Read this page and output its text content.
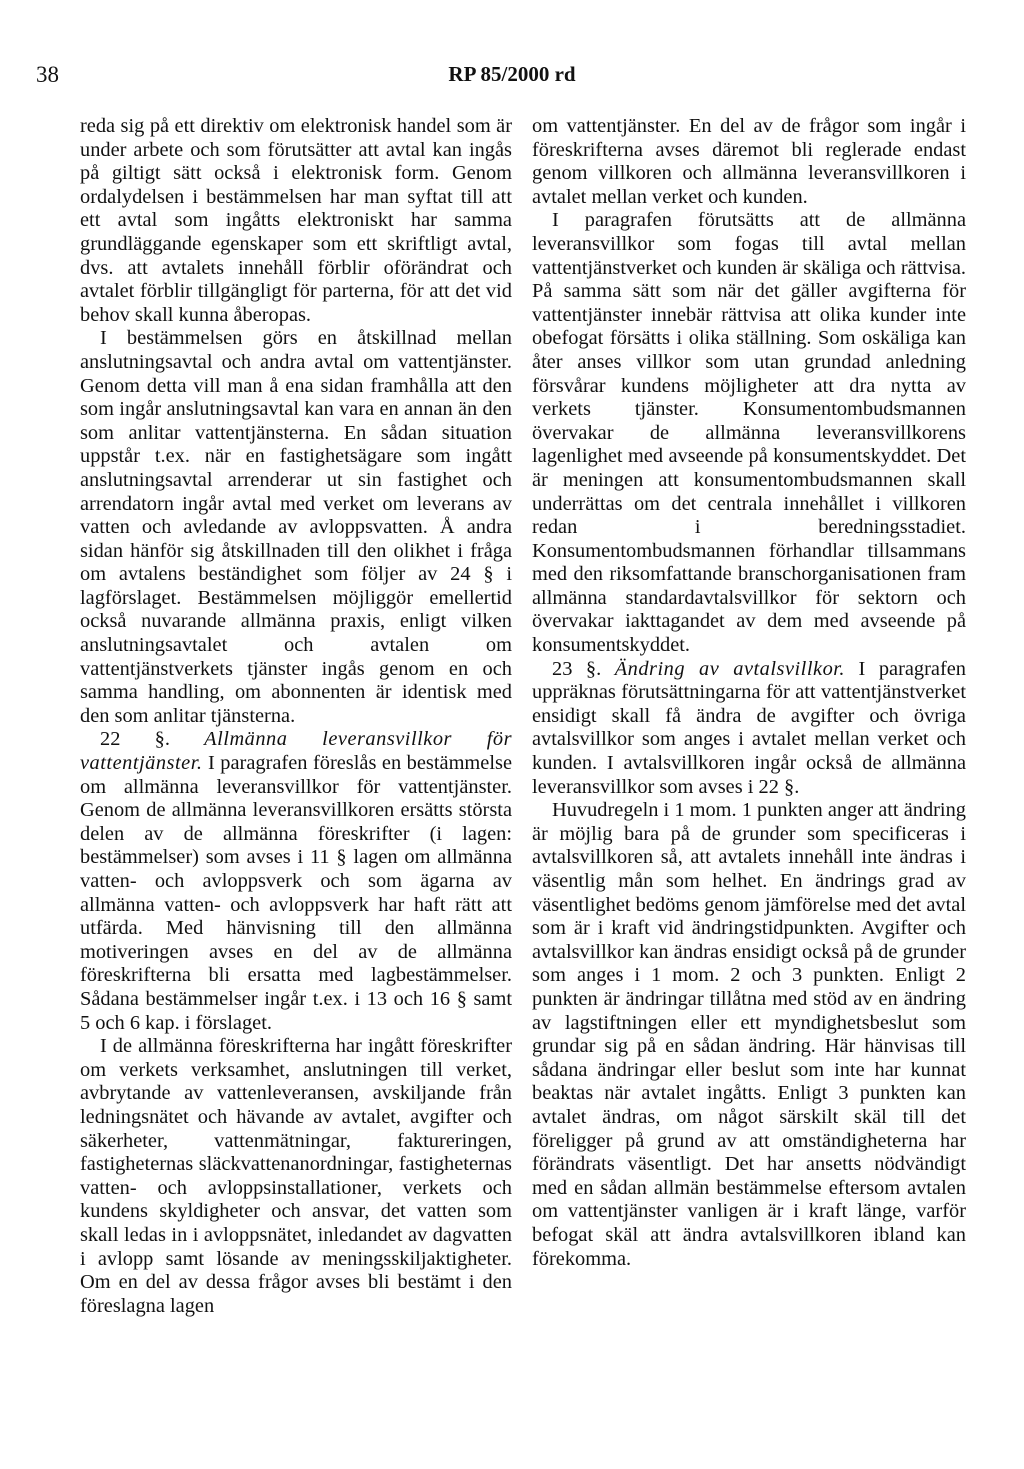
38	RP 85/2000 rd

reda sig på ett direktiv om elektronisk handel som är under arbete och som förutsätter att avtal kan ingås på giltigt sätt också i elektronisk form. Genom ordalydelsen i bestämmelsen har man syftat till att ett avtal som ingåtts elektroniskt har samma grundläggande egenskaper som ett skriftligt avtal, dvs. att avtalets innehåll förblir oförändrat och avtalet förblir tillgängligt för parterna, för att det vid behov skall kunna åberopas.

I bestämmelsen görs en åtskillnad mellan anslutningsavtal och andra avtal om vattentjänster. Genom detta vill man å ena sidan framhålla att den som ingår anslutningsavtal kan vara en annan än den som anlitar vattentjänsterna. En sådan situation uppstår t.ex. när en fastighetsägare som ingått anslutningsavtal arrenderar ut sin fastighet och arrendatorn ingår avtal med verket om leverans av vatten och avledande av avloppsvatten. Å andra sidan hänför sig åtskillnaden till den olikhet i fråga om avtalens beständighet som följer av 24 § i lagförslaget. Bestämmelsen möjliggör emellertid också nuvarande allmänna praxis, enligt vilken anslutningsavtalet och avtalen om vattentjänstverkets tjänster ingås genom en och samma handling, om abonnenten är identisk med den som anlitar tjänsterna.

22 §. Allmänna leveransvillkor för vattentjänster. I paragrafen föreslås en bestämmelse om allmänna leveransvillkor för vattentjänster. Genom de allmänna leveransvillkoren ersätts största delen av de allmänna föreskrifter (i lagen: bestämmelser) som avses i 11 § lagen om allmänna vatten- och avloppsverk och som ägarna av allmänna vatten- och avloppsverk har haft rätt att utfärda. Med hänvisning till den allmänna motiveringen avses en del av de allmänna föreskrifterna bli ersatta med lagbestämmelser. Sådana bestämmelser ingår t.ex. i 13 och 16 § samt 5 och 6 kap. i förslaget.

I de allmänna föreskrifterna har ingått föreskrifter om verkets verksamhet, anslutningen till verket, avbrytande av vattenleveransen, avskiljande från ledningsnätet och hävande av avtalet, avgifter och säkerheter, vattenmätningar, faktureringen, fastigheternas släckvattenanordningar, fastigheternas vatten- och avloppsinstallationer, verkets och kundens skyldigheter och ansvar, det vatten som skall ledas in i avloppsnätet, inledandet av dagvatten i avlopp samt lösande av meningsskiljaktigheter. Om en del av dessa frågor avses bli bestämt i den föreslagna lagen

om vattentjänster. En del av de frågor som ingår i föreskrifterna avses däremot bli reglerade endast genom villkoren och allmänna leveransvillkoren i avtalet mellan verket och kunden.

I paragrafen förutsätts att de allmänna leveransvillkor som fogas till avtal mellan vattentjänstverket och kunden är skäliga och rättvisa. På samma sätt som när det gäller avgifterna för vattentjänster innebär rättvisa att olika kunder inte obefogat försätts i olika ställning. Som oskäliga kan åter anses villkor som utan grundad anledning försvårar kundens möjligheter att dra nytta av verkets tjänster. Konsumentombudsmannen övervakar de allmänna leveransvillkorens lagenlighet med avseende på konsumentskyddet. Det är meningen att konsumentombudsmannen skall underrättas om det centrala innehållet i villkoren redan i beredningsstadiet. Konsumentombudsmannen förhandlar tillsammans med den riksomfattande branschorganisationen fram allmänna standardavtalsvillkor för sektorn och övervakar iakttagandet av dem med avseende på konsumentskyddet.

23 §. Ändring av avtalsvillkor. I paragrafen uppräknas förutsättningarna för att vattentjänstverket ensidigt skall få ändra de avgifter och övriga avtalsvillkor som anges i avtalet mellan verket och kunden. I avtalsvillkoren ingår också de allmänna leveransvillkor som avses i 22 §.

Huvudregeln i 1 mom. 1 punkten anger att ändring är möjlig bara på de grunder som specificeras i avtalsvillkoren så, att avtalets innehåll inte ändras i väsentlig mån som helhet. En ändrings grad av väsentlighet bedöms genom jämförelse med det avtal som är i kraft vid ändringstidpunkten. Avgifter och avtalsvillkor kan ändras ensidigt också på de grunder som anges i 1 mom. 2 och 3 punkten. Enligt 2 punkten är ändringar tillåtna med stöd av en ändring av lagstiftningen eller ett myndighetsbeslut som grundar sig på en sådan ändring. Här hänvisas till sådana ändringar eller beslut som inte har kunnat beaktas när avtalet ingåtts. Enligt 3 punkten kan avtalet ändras, om något särskilt skäl till det föreligger på grund av att omständigheterna har förändrats väsentligt. Det har ansetts nödvändigt med en sådan allmän bestämmelse eftersom avtalen om vattentjänster vanligen är i kraft länge, varför befogat skäl att ändra avtalsvillkoren ibland kan förekomma.
